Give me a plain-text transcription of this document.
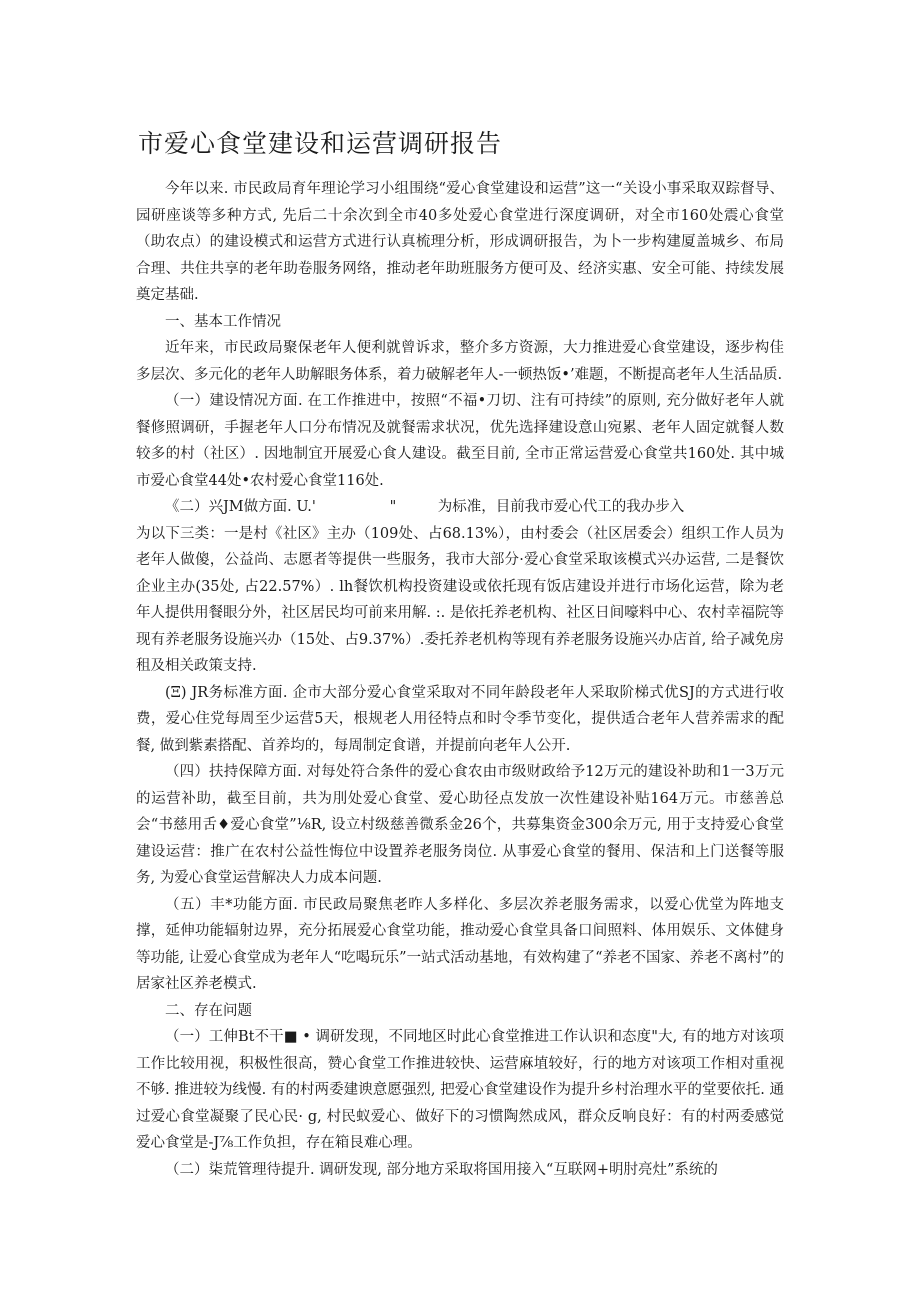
市爱心食堂建设和运营调研报告

今年以来. 市民政局育年理论学习小组围绕“爱心食堂建设和运营”这一“关设小事采取双踪督导、园研座谈等多种方式, 先后二十余次到全市40多处爱心食堂进行深度调研，对全市160处震心食堂（助农点）的建设模式和运营方式进行认真梳理分析，形成调研报告，为卜一步构建厦盖城乡、布局合理、共住共享的老年助卷服务网络，推动老年助班服务方便可及、经济实惠、安全可能、持续发展奠定基础.

一、基本工作情况

近年来，市民政局聚保老年人便利就曾诉求，整介多方资源，大力推进爱心食堂建设，逐步构佳多层次、多元化的老年人助解眼务体系，着力破解老年人-一顿热饭•’难题，不断提高老年人生活品质.

（一）建设情况方面. 在工作推进中，按照“不福•刀切、注有可持续”的原则, 充分做好老年人就餐修照调研，手握老年人口分布情况及就餐需求状况，优先选择建设意山宛累、老年人固定就餐人数较多的村（社区）. 因地制宜开展爱心食人建设。截至目前, 全市正常运营爱心食堂共160处. 其中城市爱心食堂44处•农村爱心食堂116处.

《二）兴JM做方面. U.'                "         为标准，目前我市爱心代工的我办步入

为以下三类：一是村《社区》主办（109处、占68.13%），由村委会（社区居委会）组织工作人员为老年人做傻，公益尚、志愿者等提供一些服务，我市大部分·爱心食堂采取该模式兴办运营, 二是餐饮企业主办(35处, 占22.57%）. lh餐饮机构投资建设或依托现有饭店建设并进行市场化运营，除为老年人提供用餐眼分外，社区居民均可前来用解. :. 是依托养老机构、社区日间嚎料中心、农村幸福院等现有养老服务设施兴办（15处、占9.37%）.委托养老机构等现有养老服务设施兴办店首, 给子减免房租及相关政策支持.

(Ξ) JR务标准方面. 企市大部分爱心食堂采取对不同年龄段老年人采取阶梯式优SJ的方式进行收费，爱心住党每周至少运营5天，根规老人用径特点和时令季节变化，提供适合老年人营养需求的配餐, 做到紫素搭配、首养均的，每周制定食谱，并提前向老年人公开.

（四）扶持保障方面. 对每处符合条件的爱心食农由市级财政给予12万元的建设补助和1一3万元的运营补助，截至目前，共为刖处爱心食堂、爱心助径点发放一次性建设补贴164万元。市慈善总会“书慈用舌♦爱心食堂”⅛R, 设立村级慈善微系金26个，共募集资金300余万元, 用于支持爱心食堂建设运营：推广在农村公益性悔位中设置养老服务岗位. 从事爱心食堂的餐用、保洁和上门送餐等服务, 为爱心食堂运营解决人力成本问题.

（五）丰*功能方面. 市民政局聚焦老昨人多样化、多层次养老服务需求，以爱心优堂为阵地支撑，延伸功能辐射边界，充分拓展爱心食堂功能，推动爱心食堂具备口间照料、体用娱乐、文体健身等功能, 让爱心食堂成为老年人“吃喝玩乐”一站式活动基地，有效构建了“养老不国家、养老不离村”的居家社区养老模式.

二、存在问题

（一）工伸Bt不干■ • 调研发现，不同地区时此心食堂推进工作认识和态度"大, 有的地方对该项工作比较用视，积极性很高，赞心食堂工作推进较快、运营麻埴较好，行的地方对该项工作相对重视不够. 推进较为线慢. 有的村两委建谀意愿强烈, 把爱心食堂建设作为提升乡村治理水平的堂要依托. 通过爱心食堂凝聚了民心民· g, 村民蚁爱心、做好下的习惯陶然成风，群众反响良好：有的村两委感觉爱心食堂是-J⅞工作负担，存在箱艮难心理。

（二）柒荒管理待提升. 调研发现, 部分地方采取将国用接入“互联网+明肘亮灶”系统的
